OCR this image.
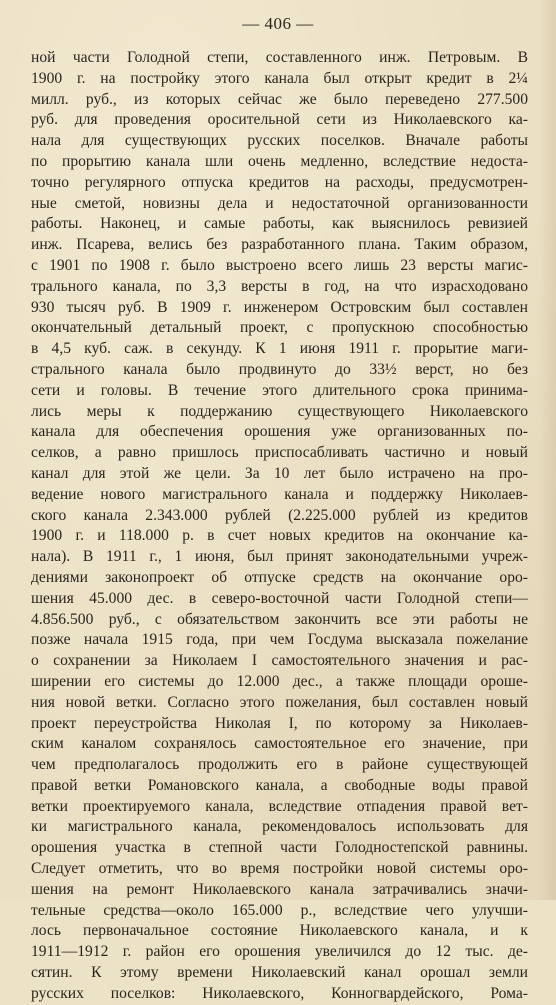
— 406 —
ной части Голодной степи, составленного инж. Петровым. В
1900 г. на постройку этого канала был открыт кредит в 2¼
милл. руб., из которых сейчас же было переведено 277.500
руб. для проведения оросительной сети из Николаевского ка-
нала для существующих русских поселков. Вначале работы
по прорытию канала шли очень медленно, вследствие недоста-
точно регулярного отпуска кредитов на расходы, предусмотрен-
ные сметой, новизны дела и недостаточной организованности
работы. Наконец, и самые работы, как выяснилось ревизией
инж. Псарева, велись без разработанного плана. Таким образом,
с 1901 по 1908 г. было выстроено всего лишь 23 версты магис-
трального канала, по 3,3 версты в год, на что израсходовано
930 тысяч руб. В 1909 г. инженером Островским был составлен
окончательный детальный проект, с пропускною способностью
в 4,5 куб. саж. в секунду. К 1 июня 1911 г. прорытие маги-
стрального канала было продвинуто до 33½ верст, но без
сети и головы. В течение этого длительного срока принима-
лись меры к поддержанию существующего Николаевского
канала для обеспечения орошения уже организованных по-
селков, а равно пришлось приспосабливать частично и новый
канал для этой же цели. За 10 лет было истрачено на про-
ведение нового магистрального канала и поддержку Николаев-
ского канала 2.343.000 рублей (2.225.000 рублей из кредитов
1900 г. и 118.000 р. в счет новых кредитов на окончание ка-
нала). В 1911 г., 1 июня, был принят законодательными учреж-
дениями законопроект об отпуске средств на окончание оро-
шения 45.000 дес. в северо-восточной части Голодной степи—
4.856.500 руб., с обязательством закончить все эти работы не
позже начала 1915 года, при чем Госдума высказала пожелание
о сохранении за Николаем I самостоятельного значения и рас-
ширении его системы до 12.000 дес., а также площади ороше-
ния новой ветки. Согласно этого пожелания, был составлен новый
проект переустройства Николая I, по которому за Николаев-
ским каналом сохранялось самостоятельное его значение, при
чем предполагалось продолжить его в районе существующей
правой ветки Романовского канала, а свободные воды правой
ветки проектируемого канала, вследствие отпадения правой вет-
ки магистрального канала, рекомендовалось использовать для
орошения участка в степной части Голодностепской равнины.
Следует отметить, что во время постройки новой системы оро-
шения на ремонт Николаевского канала затрачивались значи-
тельные средства—около 165.000 р., вследствие чего улучши-
лось первоначальное состояние Николаевского канала, и к
1911—1912 г. район его орошения увеличился до 12 тыс. де-
сятин. К этому времени Николаевский канал орошал земли
русских поселков: Николаевского, Конногвардейского, Рома-
